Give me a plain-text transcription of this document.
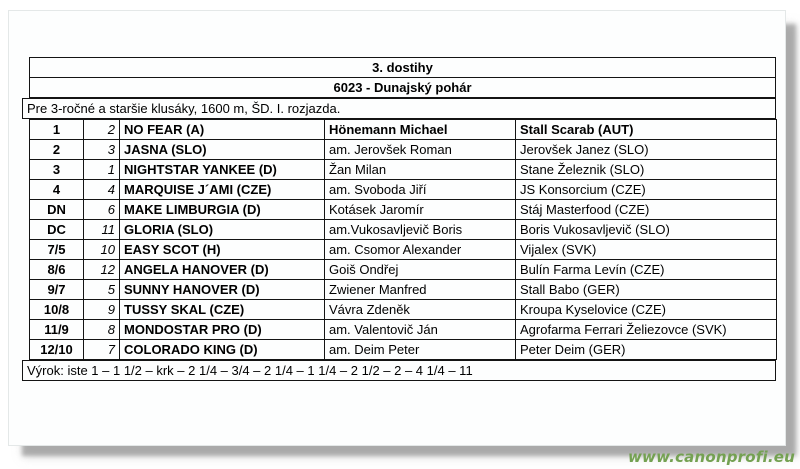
3. dostihy
6023 - Dunajský pohár
Pre 3-ročné a staršie klusáky, 1600 m, ŠD. I. rozjazda.
1	2	NO FEAR (A)	Hönemann Michael	Stall Scarab (AUT)
2	3	JASNA (SLO)	am. Jerovšek Roman	Jerovšek Janez (SLO)
3	1	NIGHTSTAR YANKEE (D)	Žan Milan	Stane Železnik (SLO)
4	4	MARQUISE J´AMI (CZE)	am. Svoboda Jiří	JS Konsorcium (CZE)
DN	6	MAKE LIMBURGIA (D)	Kotásek Jaromír	Stáj Masterfood (CZE)
DC	11	GLORIA (SLO)	am.Vukosavljevič Boris	Boris Vukosavljevič (SLO)
7/5	10	EASY SCOT (H)	am. Csomor Alexander	Vijalex (SVK)
8/6	12	ANGELA HANOVER (D)	Goiš Ondřej	Bulín Farma Levín (CZE)
9/7	5	SUNNY HANOVER (D)	Zwiener Manfred	Stall Babo (GER)
10/8	9	TUSSY SKAL (CZE)	Vávra Zdeněk	Kroupa Kyselovice (CZE)
11/9	8	MONDOSTAR PRO (D)	am. Valentovič Ján	Agrofarma Ferrari Želiezovce (SVK)
12/10	7	COLORADO KING (D)	am. Deim Peter	Peter Deim (GER)
Výrok: iste 1 – 1 1/2 – krk – 2 1/4 – 3/4 – 2 1/4 – 1 1/4 – 2 1/2 – 2 – 4 1/4 – 11
www.canonprofi.eu
